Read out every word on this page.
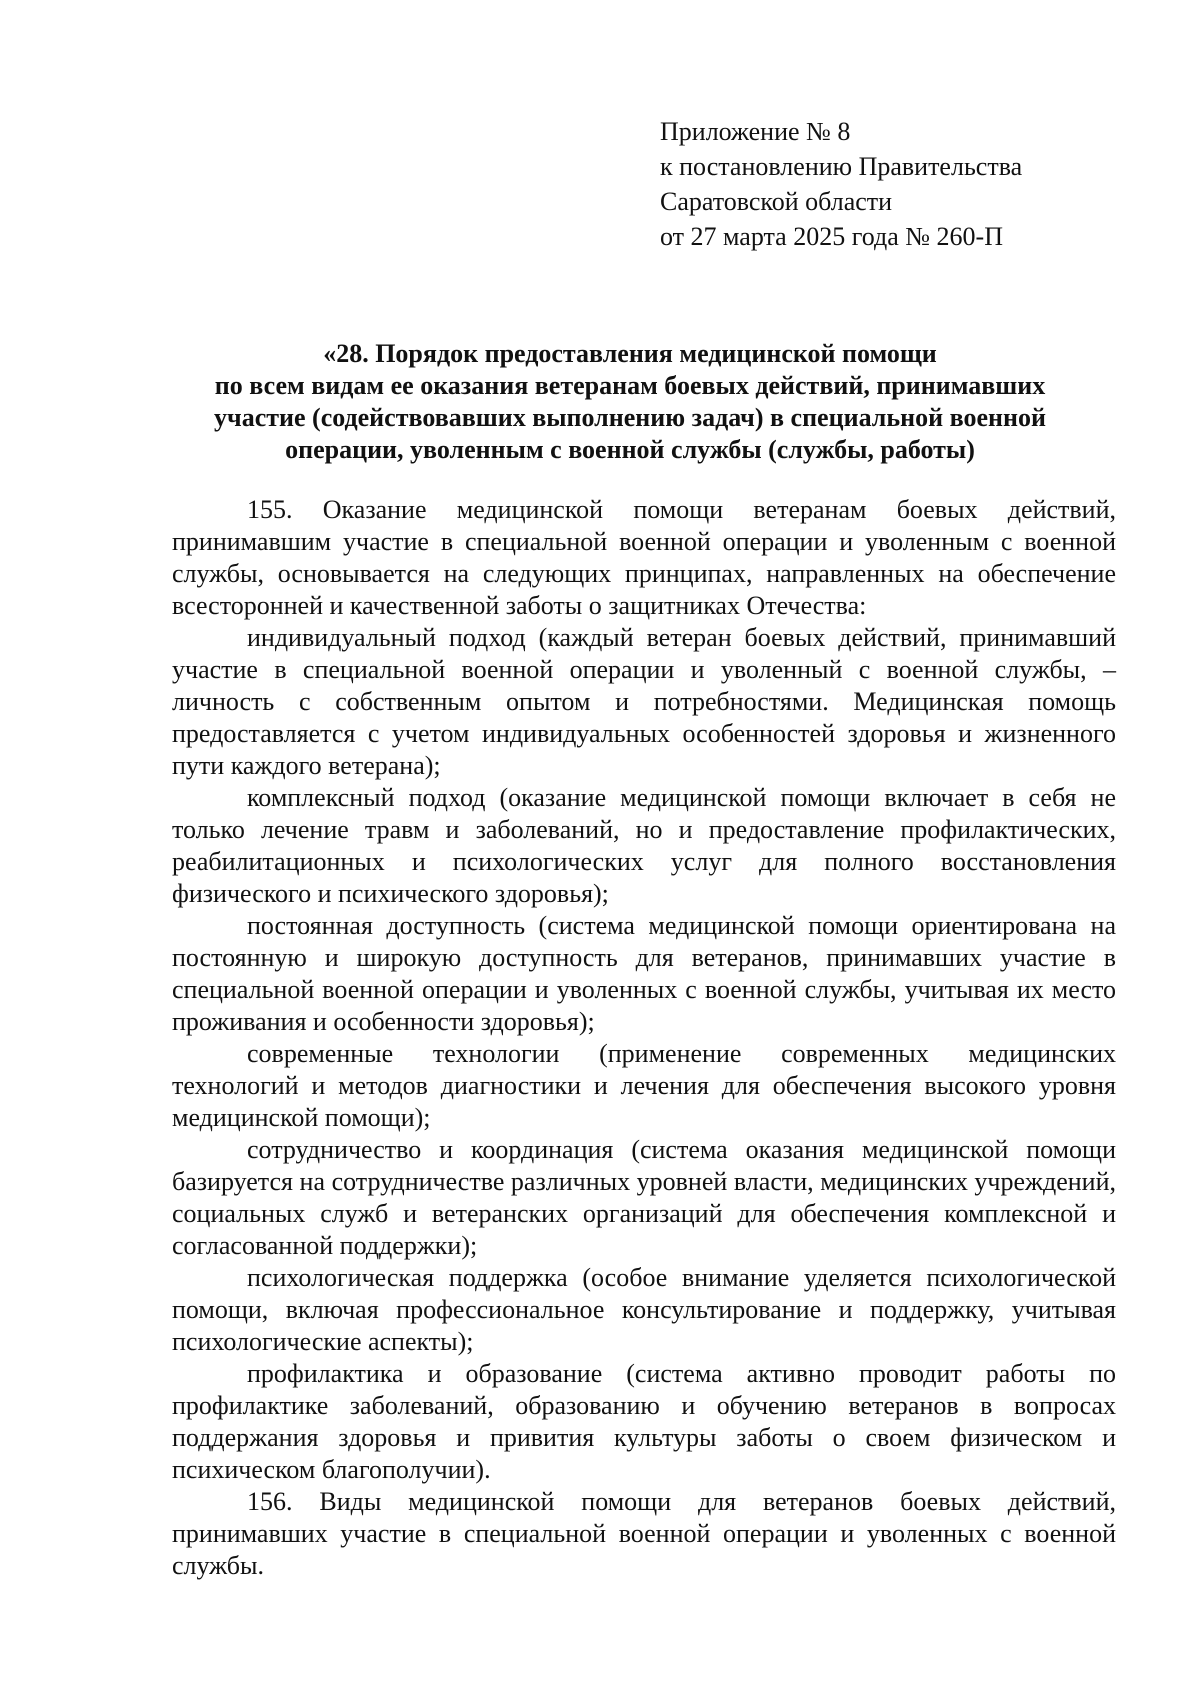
Приложение № 8
к постановлению Правительства
Саратовской области
от 27 марта 2025 года № 260-П
«28. Порядок предоставления медицинской помощи
по всем видам ее оказания ветеранам боевых действий, принимавших
участие (содействовавших выполнению задач) в специальной военной
операции, уволенным с военной службы (службы, работы)

155. Оказание медицинской помощи ветеранам боевых действий, принимавшим участие в специальной военной операции и уволенным с военной службы, основывается на следующих принципах, направленных на обеспечение всесторонней и качественной заботы о защитниках Отечества:

индивидуальный подход (каждый ветеран боевых действий, принимавший участие в специальной военной операции и уволенный с военной службы, – личность с собственным опытом и потребностями. Медицинская помощь предоставляется с учетом индивидуальных особенностей здоровья и жизненного пути каждого ветерана);

комплексный подход (оказание медицинской помощи включает в себя не только лечение травм и заболеваний, но и предоставление профилактических, реабилитационных и психологических услуг для полного восстановления физического и психического здоровья);

постоянная доступность (система медицинской помощи ориентирована на постоянную и широкую доступность для ветеранов, принимавших участие в специальной военной операции и уволенных с военной службы, учитывая их место проживания и особенности здоровья);

современные технологии (применение современных медицинских технологий и методов диагностики и лечения для обеспечения высокого уровня медицинской помощи);

сотрудничество и координация (система оказания медицинской помощи базируется на сотрудничестве различных уровней власти, медицинских учреждений, социальных служб и ветеранских организаций для обеспечения комплексной и согласованной поддержки);

психологическая поддержка (особое внимание уделяется психологической помощи, включая профессиональное консультирование и поддержку, учитывая психологические аспекты);

профилактика и образование (система активно проводит работы по профилактике заболеваний, образованию и обучению ветеранов в вопросах поддержания здоровья и привития культуры заботы о своем физическом и психическом благополучии).

156. Виды медицинской помощи для ветеранов боевых действий, принимавших участие в специальной военной операции и уволенных с военной службы.
